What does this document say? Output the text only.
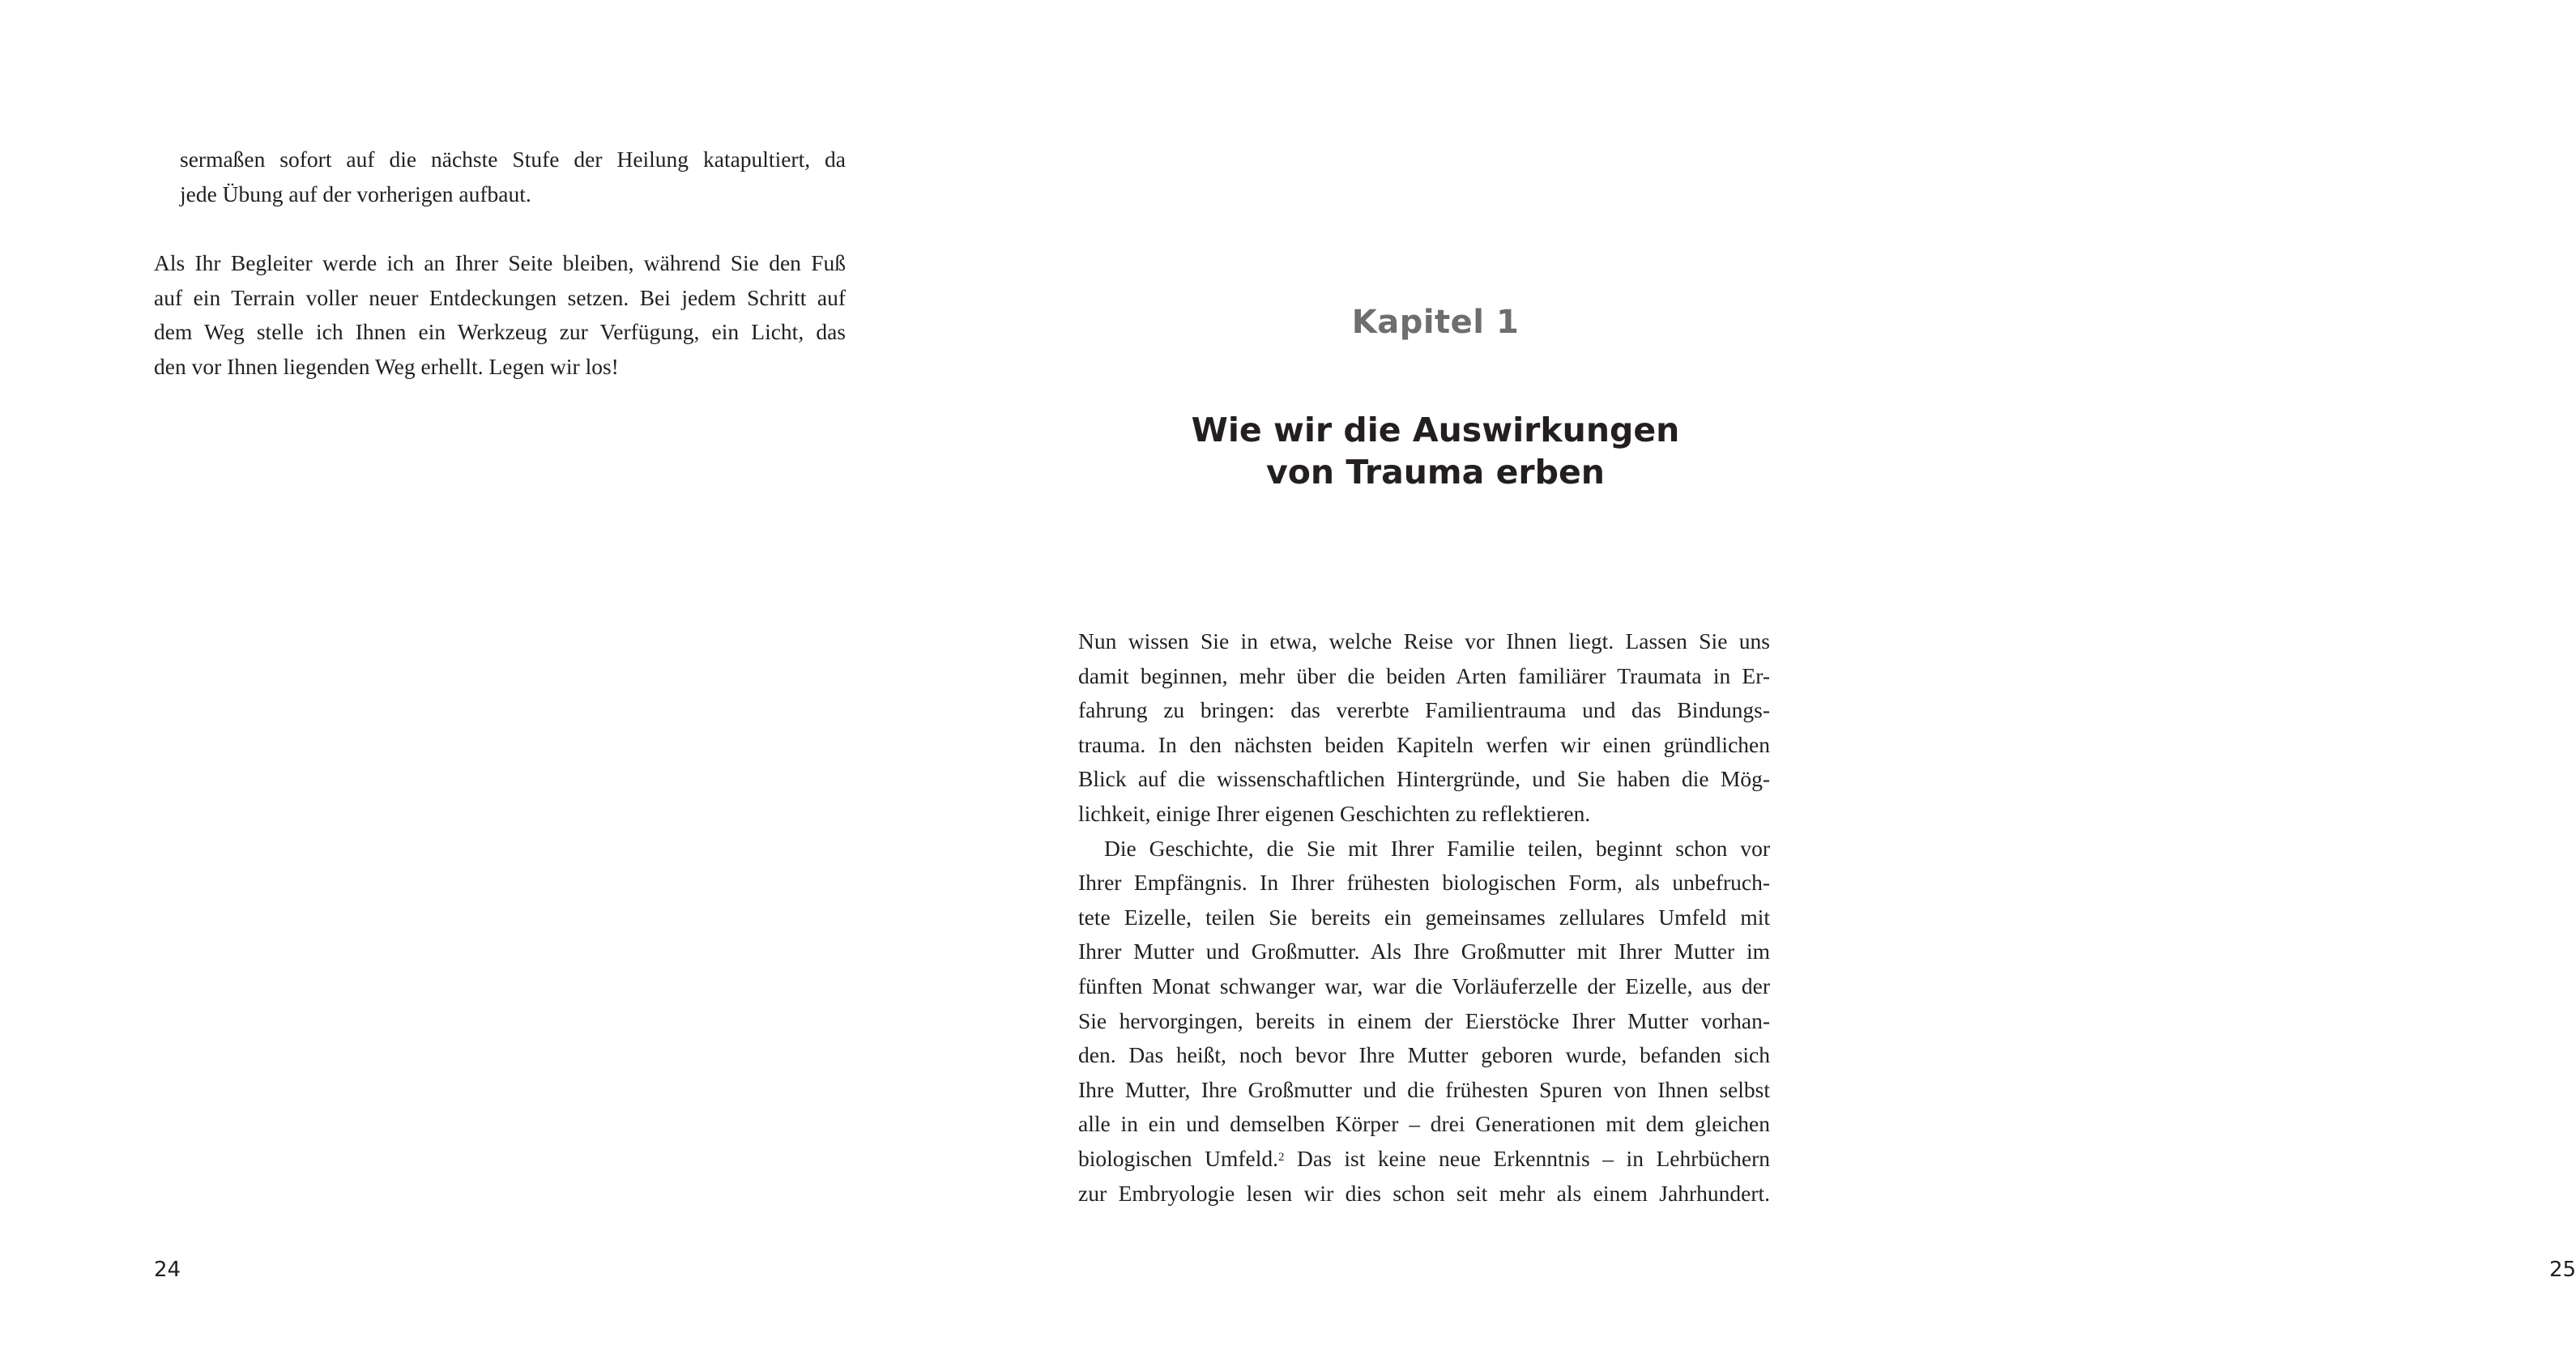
sermaßen sofort auf die nächste Stufe der Heilung katapultiert, da
jede Übung auf der vorherigen aufbaut.

Als Ihr Begleiter werde ich an Ihrer Seite bleiben, während Sie den Fuß
auf ein Terrain voller neuer Entdeckungen setzen. Bei jedem Schritt auf
dem Weg stelle ich Ihnen ein Werkzeug zur Verfügung, ein Licht, das
den vor Ihnen liegenden Weg erhellt. Legen wir los!

24
Kapitel 1
Wie wir die Auswirkungen
von Trauma erben

Nun wissen Sie in etwa, welche Reise vor Ihnen liegt. Lassen Sie uns
damit beginnen, mehr über die beiden Arten familiärer Traumata in Er-
fahrung zu bringen: das vererbte Familientrauma und das Bindungs-
trauma. In den nächsten beiden Kapiteln werfen wir einen gründlichen
Blick auf die wissenschaftlichen Hintergründe, und Sie haben die Mög-
lichkeit, einige Ihrer eigenen Geschichten zu reflektieren.

Die Geschichte, die Sie mit Ihrer Familie teilen, beginnt schon vor
Ihrer Empfängnis. In Ihrer frühesten biologischen Form, als unbefruch-
tete Eizelle, teilen Sie bereits ein gemeinsames zellulares Umfeld mit
Ihrer Mutter und Großmutter. Als Ihre Großmutter mit Ihrer Mutter im
fünften Monat schwanger war, war die Vorläuferzelle der Eizelle, aus der
Sie hervorgingen, bereits in einem der Eierstöcke Ihrer Mutter vorhan-
den. Das heißt, noch bevor Ihre Mutter geboren wurde, befanden sich
Ihre Mutter, Ihre Großmutter und die frühesten Spuren von Ihnen selbst
alle in ein und demselben Körper – drei Generationen mit dem gleichen
biologischen Umfeld.$^2$ Das ist keine neue Erkenntnis – in Lehrbüchern
zur Embryologie lesen wir dies schon seit mehr als einem Jahrhundert.

25
